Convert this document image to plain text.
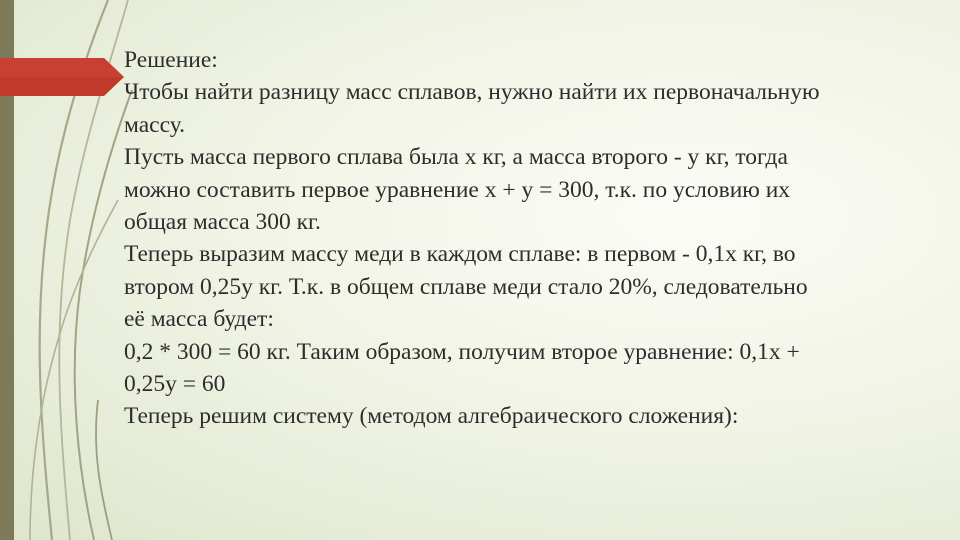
Решение:

Чтобы найти разницу масс сплавов, нужно найти их первоначальную

массу.

Пусть масса первого сплава была х кг, а масса второго - у кг, тогда

можно составить первое уравнение х + у = 300, т.к. по условию их

общая масса 300 кг.

Теперь выразим массу меди в каждом сплаве: в первом - 0,1х кг, во

втором 0,25у кг. Т.к. в общем сплаве меди стало 20%, следовательно

её масса будет:

0,2 * 300 = 60 кг. Таким образом, получим второе уравнение: 0,1х +

0,25у = 60

Теперь решим систему (методом алгебраического сложения):
